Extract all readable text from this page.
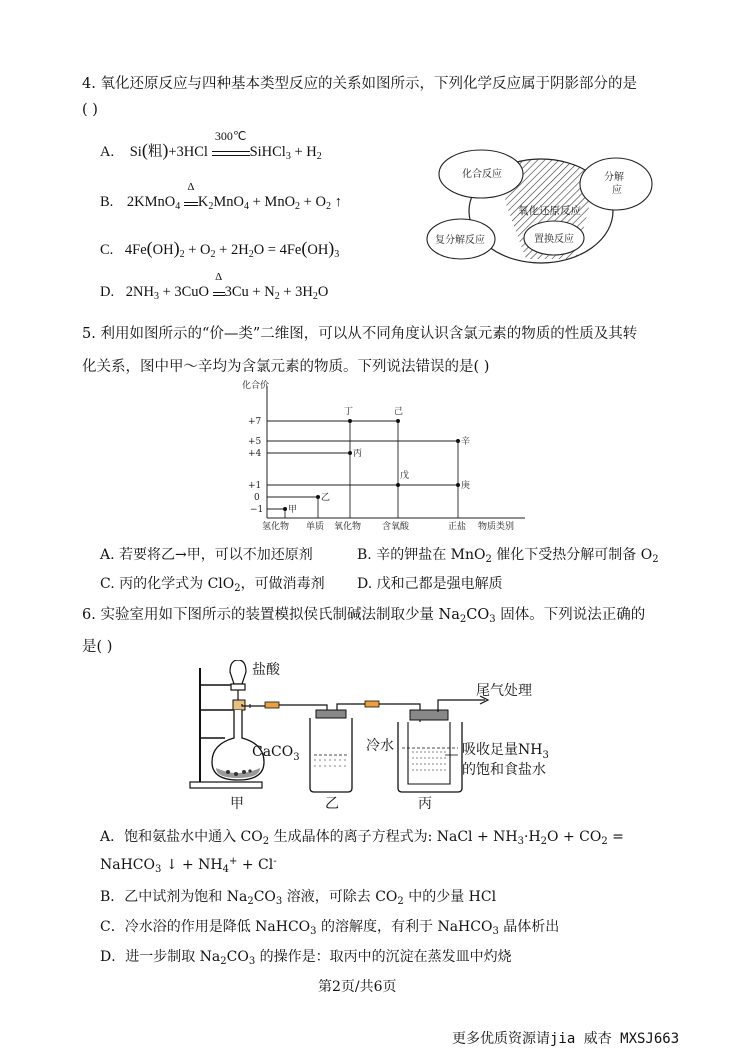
4. 氧化还原反应与四种基本类型反应的关系如图所示，下列化学反应属于阴影部分的是
( )
A. Si(粗)+3HCl
300℃
SiHCl$_3$ + $H_2$
B. 2KMnO$_4$
Δ
$K_2MnO_4 + MnO_2 + O_2$ ↑
C. $4Fe(OH)_2 + O_2 + 2H_2O = 4Fe(OH)_3$
D. $2NH_3 + 3CuO$
Δ
$3Cu + N_2 + 3H_2O$
化合反应	分解
应
氧化还原反应
复分解反应	置换反应
5. 利用如图所示的“价—类”二维图，可以从不同角度认识含氯元素的物质的性质及其转
化关系，图中甲～辛均为含氯元素的物质。下列说法错误的是( )
化合价
+7
+5
+4
+1
0
−1	甲
乙
丙
丁
戊
己
庚
辛
氢化物 单质 氧化物 含氧酸	正盐 物质类别
A. 若要将乙→甲，可以不加还原剂	B. 辛的钾盐在 MnO$_2$ 催化下受热分解可制备 $O_2$
C. 丙的化学式为 ClO$_2$，可做消毒剂 D. 戊和己都是强电解质
6. 实验室用如下图所示的装置模拟侯氏制碱法制取少量 $Na_2CO_3$ 固体。下列说法正确的
是( )
盐酸
尾气处理
CaCO$_3$
冷水	吸收足量$NH_3$
的饱和食盐水
甲	乙	丙
A．饱和氨盐水中通入 $CO_2$ 生成晶体的离子方程式为: NaCl + $NH_3\cdot H_2O + CO_2$ =
NaHCO$_3$ ↓ + $NH_4^+ + Cl^-$
B．乙中试剂为饱和 $Na_2CO_3$ 溶液，可除去 $CO_2$ 中的少量 HCl
C．冷水浴的作用是降低 NaHCO$_3$ 的溶解度，有利于 NaHCO$_3$ 晶体析出
D．进一步制取 $Na_2CO_3$ 的操作是：取丙中的沉淀在蒸发皿中灼烧
第2页/共6页
更多优质资源请jia 威杏 MXSJ663
